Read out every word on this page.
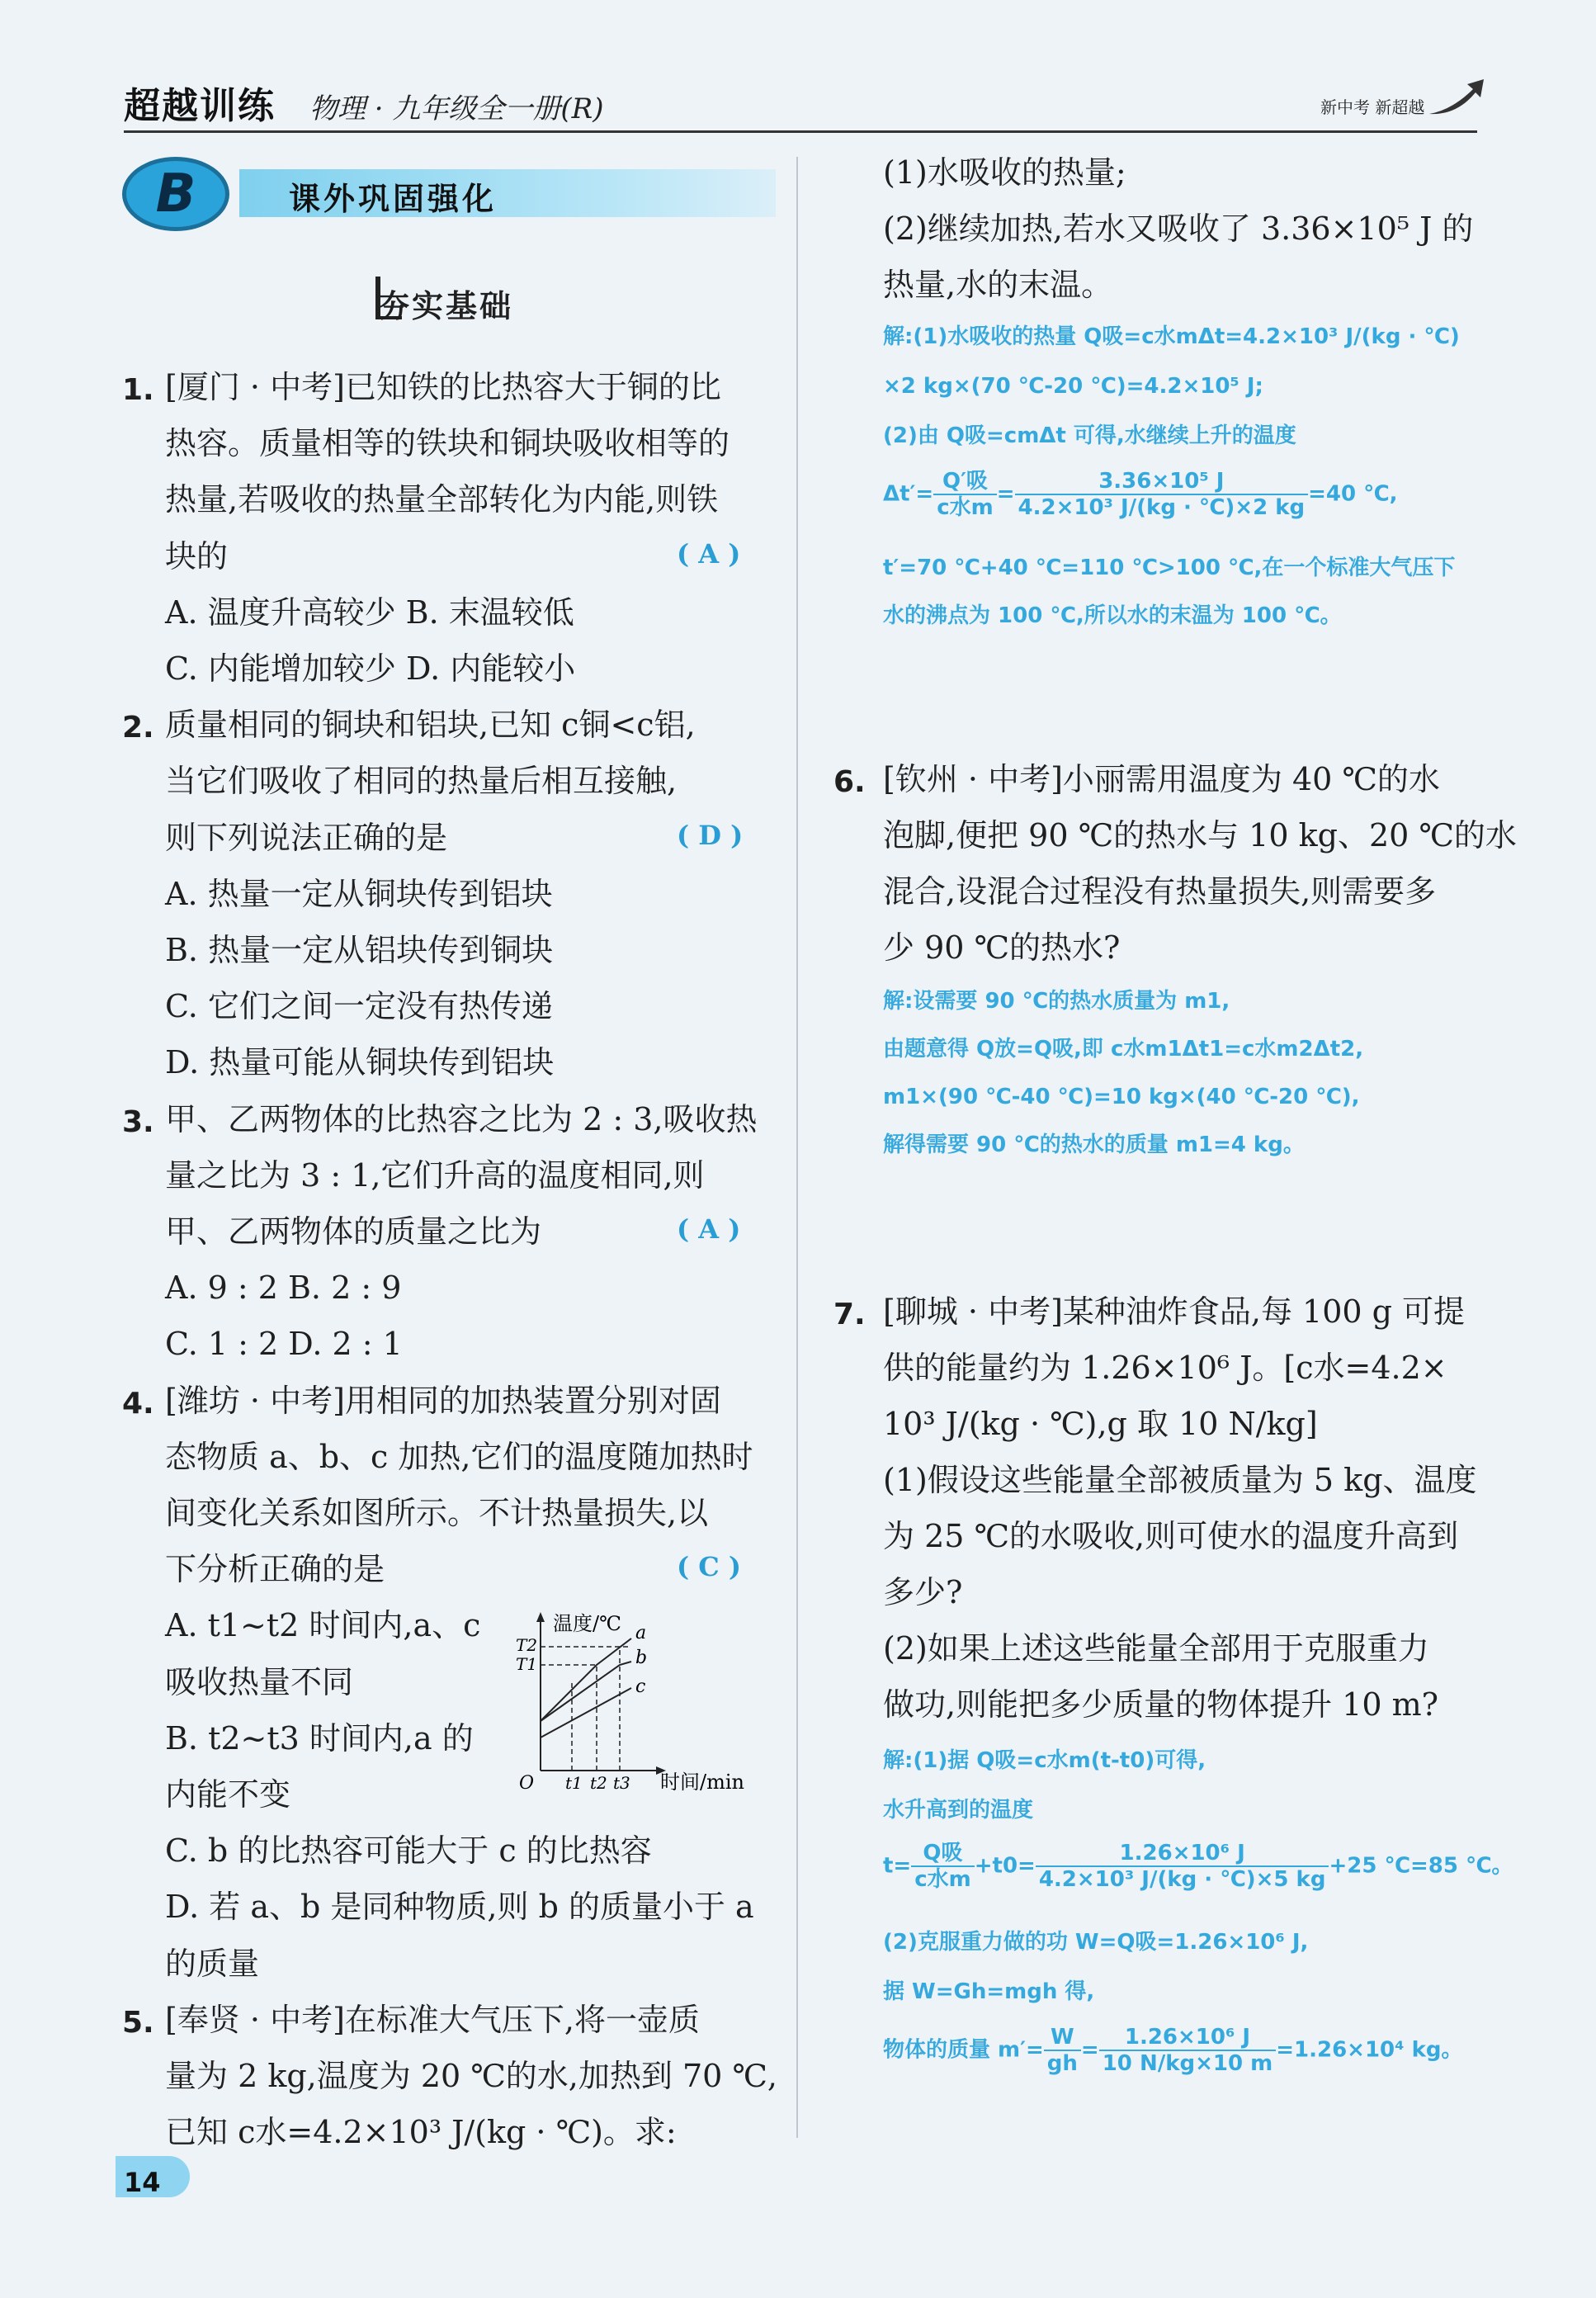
超越训练 物理 · 九年级全一册(R)	新中考 新超越
B	课外巩固强化
夯实基础
1. [厦门 · 中考]已知铁的比热容大于铜的比
热容。质量相等的铁块和铜块吸收相等的
热量,若吸收的热量全部转化为内能,则铁
块的	( A )
A. 温度升高较少 B. 末温较低
C. 内能增加较少 D. 内能较小
2. 质量相同的铜块和铝块,已知 c铜<c铝,
当它们吸收了相同的热量后相互接触,
则下列说法正确的是	( D )
A. 热量一定从铜块传到铝块
B. 热量一定从铝块传到铜块
C. 它们之间一定没有热传递
D. 热量可能从铜块传到铝块
3. 甲、乙两物体的比热容之比为 2 : 3,吸收热
量之比为 3 : 1,它们升高的温度相同,则
甲、乙两物体的质量之比为	( A )
A. 9 : 2 B. 2 : 9
C. 1 : 2 D. 2 : 1
4. [潍坊 · 中考]用相同的加热装置分别对固
态物质 a、b、c 加热,它们的温度随加热时
间变化关系如图所示。不计热量损失,以
下分析正确的是	( C )
A. t1~t2 时间内,a、c
吸收热量不同
B. t2~t3 时间内,a 的
内能不变
C. b 的比热容可能大于 c 的比热容
D. 若 a、b 是同种物质,则 b 的质量小于 a
的质量
5. [奉贤 · 中考]在标准大气压下,将一壶质
量为 2 kg,温度为 20 ℃的水,加热到 70 ℃,
已知 c水=4.2×10³ J/(kg · ℃)。求:
温度/℃
时间/min
O
T2
T1
t1 t2 t3
a
b
c
(1)水吸收的热量;
(2)继续加热,若水又吸收了 3.36×10⁵ J 的
热量,水的末温。
解:(1)水吸收的热量 Q吸=c水mΔt=4.2×10³ J/(kg · ℃)
×2 kg×(70 ℃-20 ℃)=4.2×10⁵ J;
(2)由 Q吸=cmΔt 可得,水继续上升的温度
$\Delta t'= \frac{\text{Q′吸}}{\text{c水m}} = \frac{\text{3.36×10⁵ J}}{\text{4.2×10³ J/(kg · ℃)×2 kg}} =40$ ℃,
t′=70 ℃+40 ℃=110 ℃>100 ℃,在一个标准大气压下
水的沸点为 100 ℃,所以水的末温为 100 ℃。
6. [钦州 · 中考]小丽需用温度为 40 ℃的水
泡脚,便把 90 ℃的热水与 10 kg、20 ℃的水
混合,设混合过程没有热量损失,则需要多
少 90 ℃的热水?
解:设需要 90 ℃的热水质量为 m1,
由题意得 Q放=Q吸,即 c水m1Δt1=c水m2Δt2,
m1×(90 ℃-40 ℃)=10 kg×(40 ℃-20 ℃),
解得需要 90 ℃的热水的质量 m1=4 kg。
7. [聊城 · 中考]某种油炸食品,每 100 g 可提
供的能量约为 1.26×10⁶ J。[c水=4.2×
10³ J/(kg · ℃),g 取 10 N/kg]
(1)假设这些能量全部被质量为 5 kg、温度
为 25 ℃的水吸收,则可使水的温度升高到
多少?
(2)如果上述这些能量全部用于克服重力
做功,则能把多少质量的物体提升 10 m?
解:(1)据 Q吸=c水m(t-t0)可得,
水升高到的温度
$t= \frac{\text{Q吸}}{\text{c水m}} +t0= \frac{\text{1.26×10⁶ J}}{\text{4.2×10³ J/(kg · ℃)×5 kg}} +25$ ℃=85 ℃。
(2)克服重力做的功 W=Q吸=1.26×10⁶ J,
据 W=Gh=mgh 得,
物体的质量 $m'= \frac{W}{gh} = \frac{\text{1.26×10⁶ J}}{10 N/kg\times 10 m} =1.26\times 10^4$ kg。
14
